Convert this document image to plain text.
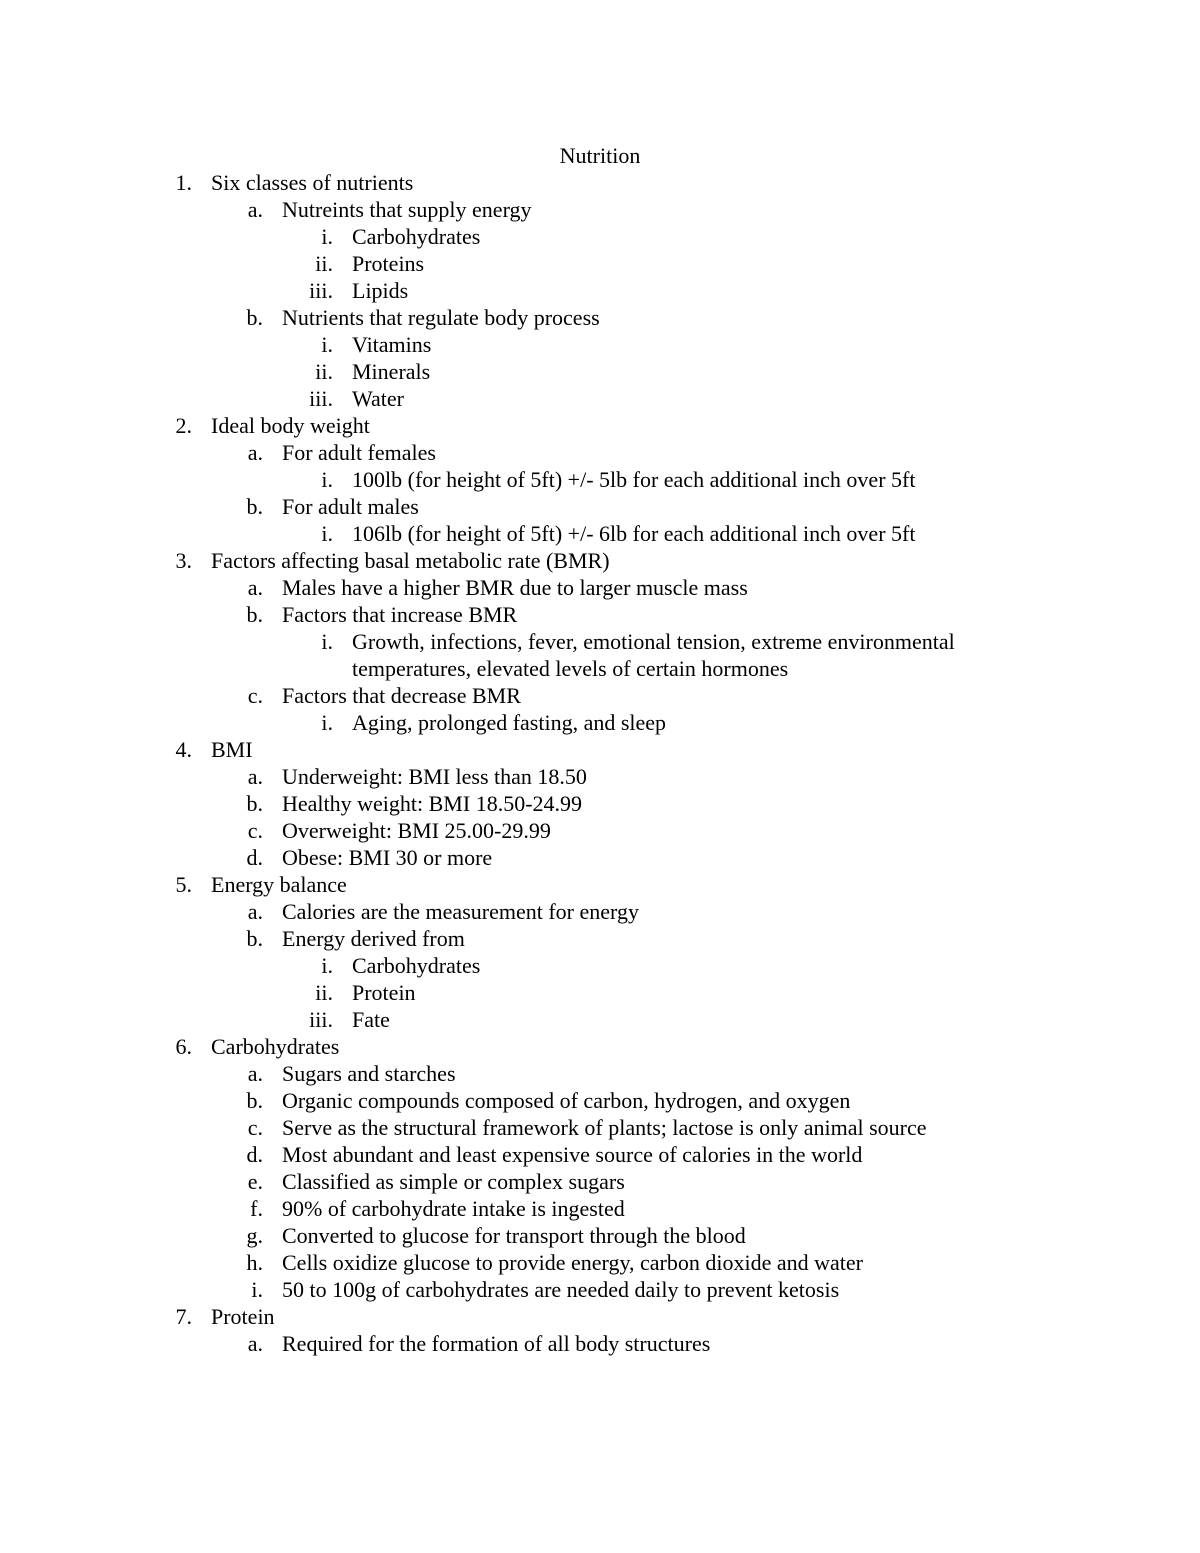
Nutrition
1. Six classes of nutrients
a. Nutreints that supply energy
i. Carbohydrates
ii. Proteins
iii. Lipids
b. Nutrients that regulate body process
i. Vitamins
ii. Minerals
iii. Water
2. Ideal body weight
a. For adult females
i. 100lb (for height of 5ft) +/- 5lb for each additional inch over 5ft
b. For adult males
i. 106lb (for height of 5ft) +/- 6lb for each additional inch over 5ft
3. Factors affecting basal metabolic rate (BMR)
a. Males have a higher BMR due to larger muscle mass
b. Factors that increase BMR
i. Growth, infections, fever, emotional tension, extreme environmental temperatures, elevated levels of certain hormones
c. Factors that decrease BMR
i. Aging, prolonged fasting, and sleep
4. BMI
a. Underweight: BMI less than 18.50
b. Healthy weight: BMI 18.50-24.99
c. Overweight: BMI 25.00-29.99
d. Obese: BMI 30 or more
5. Energy balance
a. Calories are the measurement for energy
b. Energy derived from
i. Carbohydrates
ii. Protein
iii. Fate
6. Carbohydrates
a. Sugars and starches
b. Organic compounds composed of carbon, hydrogen, and oxygen
c. Serve as the structural framework of plants; lactose is only animal source
d. Most abundant and least expensive source of calories in the world
e. Classified as simple or complex sugars
f. 90% of carbohydrate intake is ingested
g. Converted to glucose for transport through the blood
h. Cells oxidize glucose to provide energy, carbon dioxide and water
i. 50 to 100g of carbohydrates are needed daily to prevent ketosis
7. Protein
a. Required for the formation of all body structures
